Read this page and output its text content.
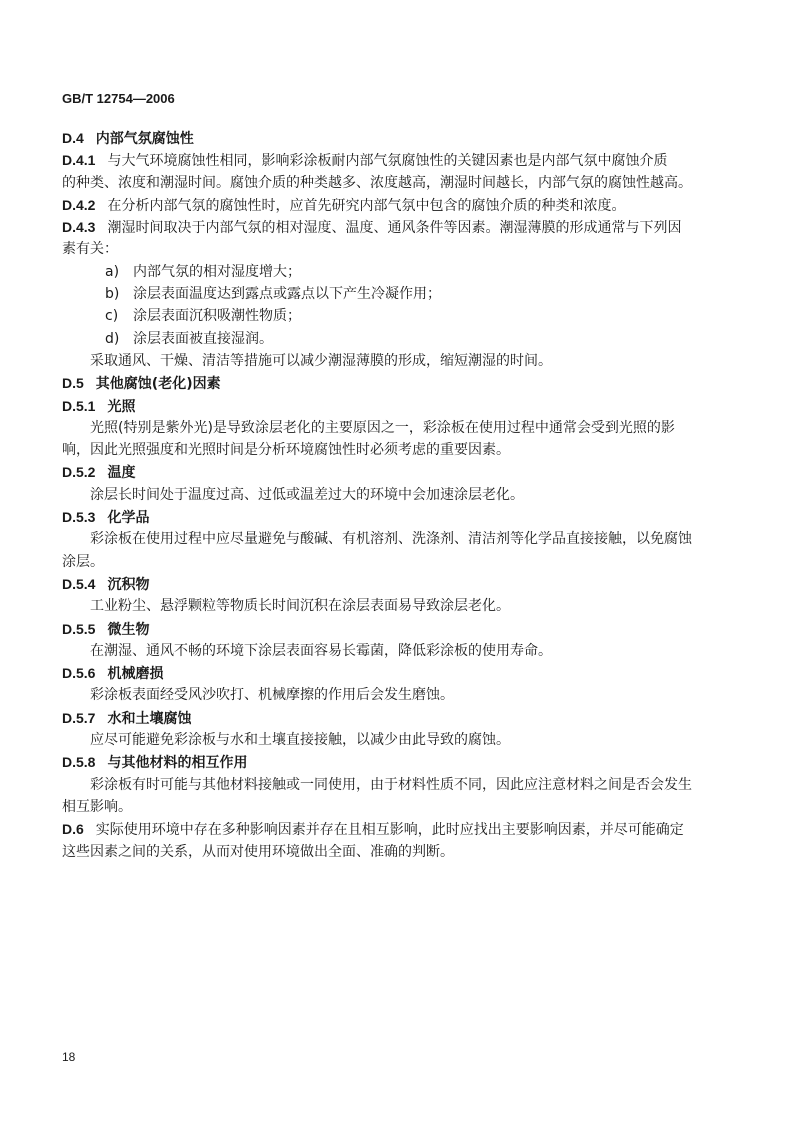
GB/T 12754—2006
D.4 内部气氛腐蚀性
D.4.1 与大气环境腐蚀性相同，影响彩涂板耐内部气氛腐蚀性的关键因素也是内部气氛中腐蚀介质
的种类、浓度和潮湿时间。腐蚀介质的种类越多、浓度越高，潮湿时间越长，内部气氛的腐蚀性越高。
D.4.2 在分析内部气氛的腐蚀性时，应首先研究内部气氛中包含的腐蚀介质的种类和浓度。
D.4.3 潮湿时间取决于内部气氛的相对湿度、温度、通风条件等因素。潮湿薄膜的形成通常与下列因
素有关：
a) 内部气氛的相对湿度增大；
b) 涂层表面温度达到露点或露点以下产生冷凝作用；
c) 涂层表面沉积吸潮性物质；
d) 涂层表面被直接湿润。
采取通风、干燥、清洁等措施可以减少潮湿薄膜的形成，缩短潮湿的时间。
D.5 其他腐蚀(老化)因素
D.5.1 光照
光照(特别是紫外光)是导致涂层老化的主要原因之一，彩涂板在使用过程中通常会受到光照的影
响，因此光照强度和光照时间是分析环境腐蚀性时必须考虑的重要因素。
D.5.2 温度
涂层长时间处于温度过高、过低或温差过大的环境中会加速涂层老化。
D.5.3 化学品
彩涂板在使用过程中应尽量避免与酸碱、有机溶剂、洗涤剂、清洁剂等化学品直接接触，以免腐蚀
涂层。
D.5.4 沉积物
工业粉尘、悬浮颗粒等物质长时间沉积在涂层表面易导致涂层老化。
D.5.5 微生物
在潮湿、通风不畅的环境下涂层表面容易长霉菌，降低彩涂板的使用寿命。
D.5.6 机械磨损
彩涂板表面经受风沙吹打、机械摩擦的作用后会发生磨蚀。
D.5.7 水和土壤腐蚀
应尽可能避免彩涂板与水和土壤直接接触，以减少由此导致的腐蚀。
D.5.8 与其他材料的相互作用
彩涂板有时可能与其他材料接触或一同使用，由于材料性质不同，因此应注意材料之间是否会发生
相互影响。
D.6 实际使用环境中存在多种影响因素并存在且相互影响，此时应找出主要影响因素，并尽可能确定
这些因素之间的关系，从而对使用环境做出全面、准确的判断。
18
